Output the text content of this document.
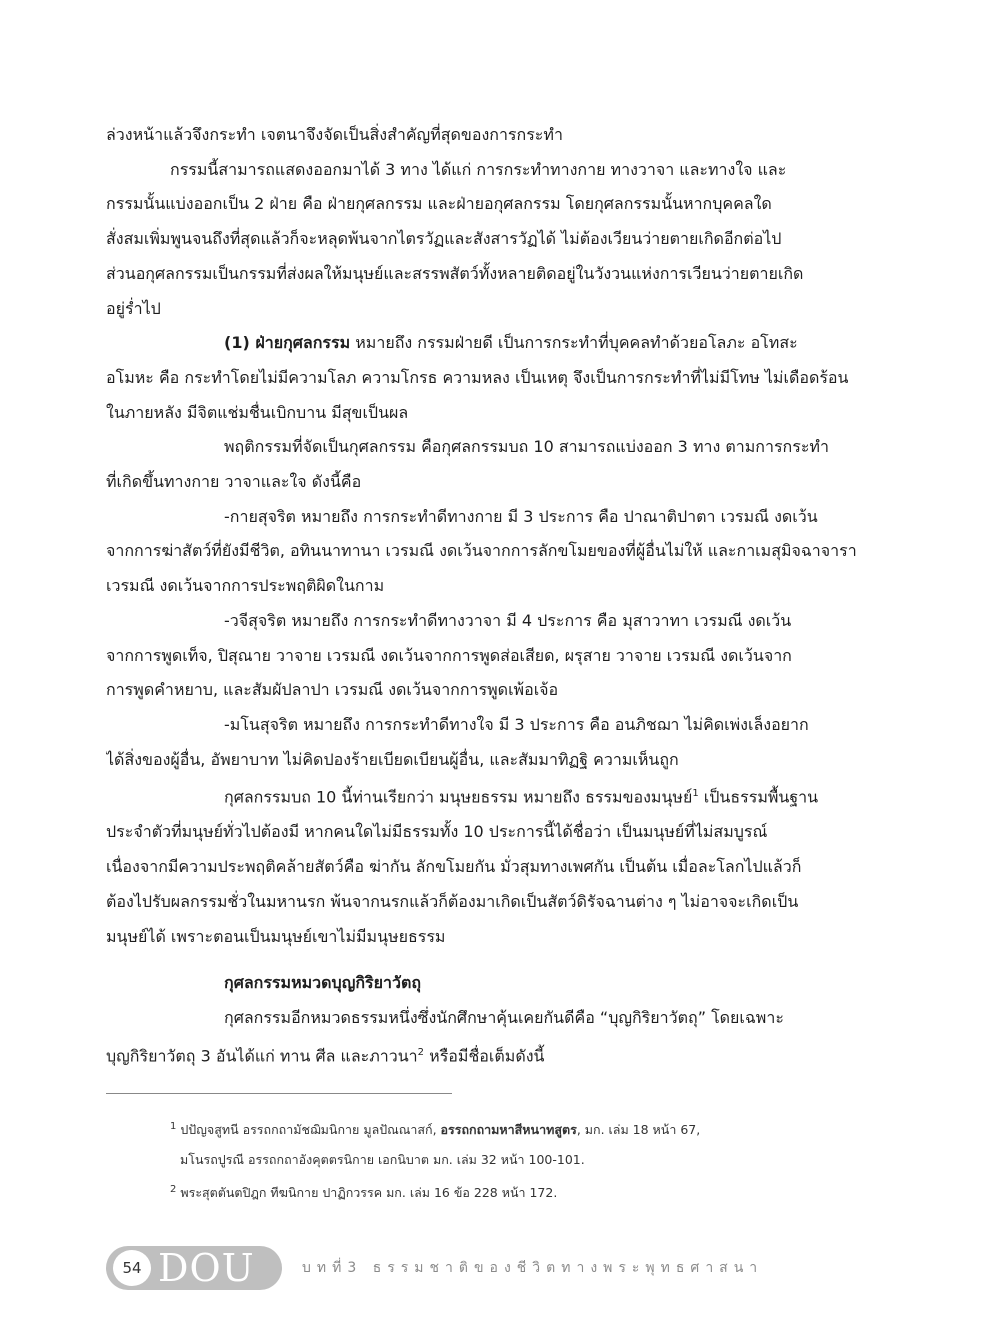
ล่วงหน้าแล้วจึงกระทำ เจตนาจึงจัดเป็นสิ่งสำคัญที่สุดของการกระทำ
กรรมนี้สามารถแสดงออกมาได้ 3 ทาง ได้แก่ การกระทำทางกาย ทางวาจา และทางใจ และ
กรรมนั้นแบ่งออกเป็น 2 ฝ่าย คือ ฝ่ายกุศลกรรม และฝ่ายอกุศลกรรม โดยกุศลกรรมนั้นหากบุคคลใด
สั่งสมเพิ่มพูนจนถึงที่สุดแล้วก็จะหลุดพ้นจากไตรวัฏและสังสารวัฏได้ ไม่ต้องเวียนว่ายตายเกิดอีกต่อไป
ส่วนอกุศลกรรมเป็นกรรมที่ส่งผลให้มนุษย์และสรรพสัตว์ทั้งหลายติดอยู่ในวังวนแห่งการเวียนว่ายตายเกิด
อยู่ร่ำไป
(1) ฝ่ายกุศลกรรม หมายถึง กรรมฝ่ายดี เป็นการกระทำที่บุคคลทำด้วยอโลภะ อโทสะ
อโมหะ คือ กระทำโดยไม่มีความโลภ ความโกรธ ความหลง เป็นเหตุ จึงเป็นการกระทำที่ไม่มีโทษ ไม่เดือดร้อน
ในภายหลัง มีจิตแช่มชื่นเบิกบาน มีสุขเป็นผล
พฤติกรรมที่จัดเป็นกุศลกรรม คือกุศลกรรมบถ 10 สามารถแบ่งออก 3 ทาง ตามการกระทำ
ที่เกิดขึ้นทางกาย วาจาและใจ ดังนี้คือ
-กายสุจริต หมายถึง การกระทำดีทางกาย มี 3 ประการ คือ ปาณาติปาตา เวรมณี งดเว้น
จากการฆ่าสัตว์ที่ยังมีชีวิต, อทินนาทานา เวรมณี งดเว้นจากการลักขโมยของที่ผู้อื่นไม่ให้ และกาเมสุมิจฉาจารา
เวรมณี งดเว้นจากการประพฤติผิดในกาม
-วจีสุจริต หมายถึง การกระทำดีทางวาจา มี 4 ประการ คือ มุสาวาทา เวรมณี งดเว้น
จากการพูดเท็จ, ปิสุณาย วาจาย เวรมณี งดเว้นจากการพูดส่อเสียด, ผรุสาย วาจาย เวรมณี งดเว้นจาก
การพูดคำหยาบ, และสัมผัปลาปา เวรมณี งดเว้นจากการพูดเพ้อเจ้อ
-มโนสุจริต หมายถึง การกระทำดีทางใจ มี 3 ประการ คือ อนภิชฌา ไม่คิดเพ่งเล็งอยาก
ได้สิ่งของผู้อื่น, อัพยาบาท ไม่คิดปองร้ายเบียดเบียนผู้อื่น, และสัมมาทิฏฐิ ความเห็นถูก
กุศลกรรมบถ 10 นี้ท่านเรียกว่า มนุษยธรรม หมายถึง ธรรมของมนุษย์$^1$ เป็นธรรมพื้นฐาน
ประจำตัวที่มนุษย์ทั่วไปต้องมี หากคนใดไม่มีธรรมทั้ง 10 ประการนี้ได้ชื่อว่า เป็นมนุษย์ที่ไม่สมบูรณ์
เนื่องจากมีความประพฤติคล้ายสัตว์คือ ฆ่ากัน ลักขโมยกัน มั่วสุมทางเพศกัน เป็นต้น เมื่อละโลกไปแล้วก็
ต้องไปรับผลกรรมชั่วในมหานรก พ้นจากนรกแล้วก็ต้องมาเกิดเป็นสัตว์ดิรัจฉานต่าง ๆ ไม่อาจจะเกิดเป็น
มนุษย์ได้ เพราะตอนเป็นมนุษย์เขาไม่มีมนุษยธรรม
กุศลกรรมหมวดบุญกิริยาวัตถุ
กุศลกรรมอีกหมวดธรรมหนึ่งซึ่งนักศึกษาคุ้นเคยกันดีคือ “บุญกิริยาวัตถุ” โดยเฉพาะ
บุญกิริยาวัตถุ 3 อันได้แก่ ทาน ศีล และภาวนา$^2$ หรือมีชื่อเต็มดังนี้
$^1$ ปปัญจสูทนี อรรถกถามัชฌิมนิกาย มูลปัณณาสก์, อรรถกถามหาสีหนาทสูตร, มก. เล่ม 18 หน้า 67,
มโนรถปูรณี อรรถกถาอังคุตตรนิกาย เอกนิบาต มก. เล่ม 32 หน้า 100-101.
$^2$ พระสุตตันตปิฎก ทีฆนิกาย ปาฏิกวรรค มก. เล่ม 16 ข้อ 228 หน้า 172.
54 DOU	บทที่3 ธรรมชาติของชีวิตทางพระพุทธศาสนา
